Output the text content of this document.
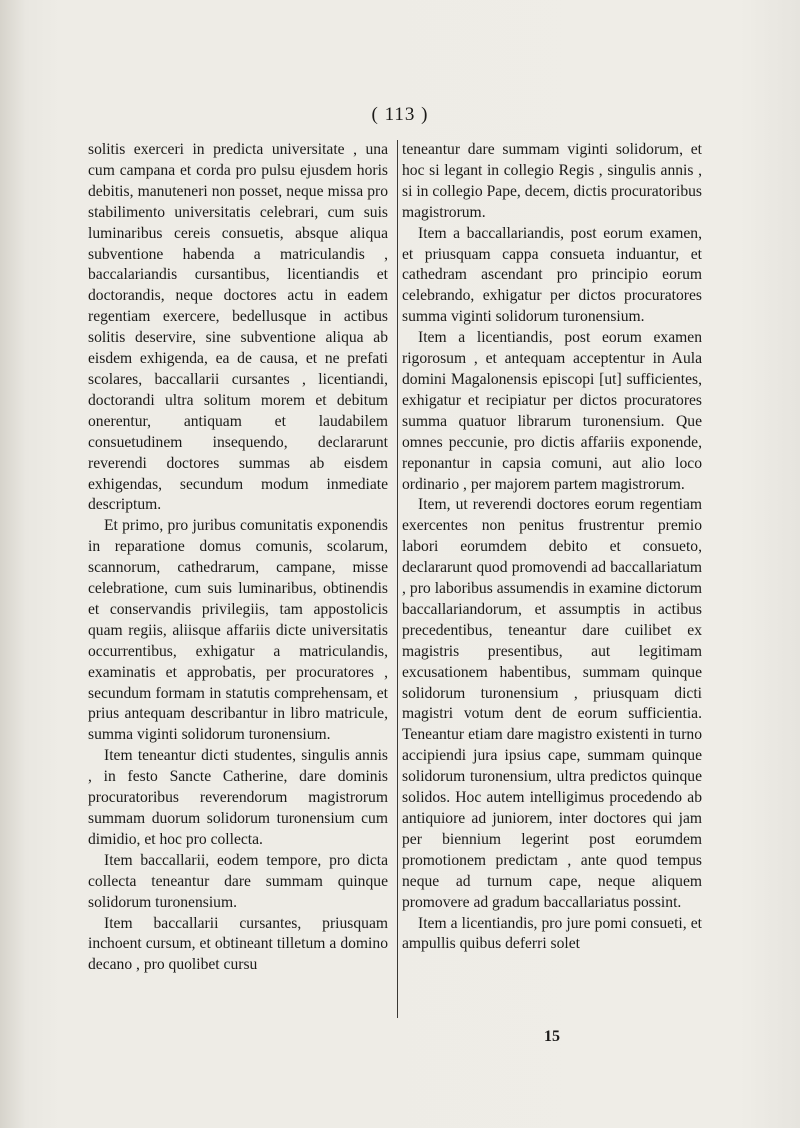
( 113 )

solitis exerceri in predicta universitate , una cum campana et corda pro pulsu ejusdem horis debitis, manuteneri non posset, neque missa pro stabilimento universitatis celebrari, cum suis luminaribus cereis consuetis, absque aliqua subventione habenda a matriculandis , baccalariandis cursantibus, licentiandis et doctorandis, neque doctores actu in eadem regentiam exercere, bedellusque in actibus solitis deservire, sine subventione aliqua ab eisdem exhigenda, ea de causa, et ne prefati scolares, baccallarii cursantes , licentiandi, doctorandi ultra solitum morem et debitum onerentur, antiquam et laudabilem consuetudinem insequendo, declararunt reverendi doctores summas ab eisdem exhigendas, secundum modum inmediate descriptum.

Et primo, pro juribus comunitatis exponendis in reparatione domus comunis, scolarum, scannorum, cathedrarum, campane, misse celebratione, cum suis luminaribus, obtinendis et conservandis privilegiis, tam appostolicis quam regiis, aliisque affariis dicte universitatis occurrentibus, exhigatur a matriculandis, examinatis et approbatis, per procuratores , secundum formam in statutis comprehensam, et prius antequam describantur in libro matricule, summa viginti solidorum turonensium.

Item teneantur dicti studentes, singulis annis , in festo Sancte Catherine, dare dominis procuratoribus reverendorum magistrorum summam duorum solidorum turonensium cum dimidio, et hoc pro collecta.

Item baccallarii, eodem tempore, pro dicta collecta teneantur dare summam quinque solidorum turonensium.

Item baccallarii cursantes, priusquam inchoent cursum, et obtineant tilletum a domino decano , pro quolibet cursu

teneantur dare summam viginti solidorum, et hoc si legant in collegio Regis , singulis annis , si in collegio Pape, decem, dictis procuratoribus magistrorum.

Item a baccallariandis, post eorum examen, et priusquam cappa consueta induantur, et cathedram ascendant pro principio eorum celebrando, exhigatur per dictos procuratores summa viginti solidorum turonensium.

Item a licentiandis, post eorum examen rigorosum , et antequam acceptentur in Aula domini Magalonensis episcopi [ut] sufficientes, exhigatur et recipiatur per dictos procuratores summa quatuor librarum turonensium. Que omnes peccunie, pro dictis affariis exponende, reponantur in capsia comuni, aut alio loco ordinario , per majorem partem magistrorum.

Item, ut reverendi doctores eorum regentiam exercentes non penitus frustrentur premio labori eorumdem debito et consueto, declararunt quod promovendi ad baccallariatum , pro laboribus assumendis in examine dictorum baccallariandorum, et assumptis in actibus precedentibus, teneantur dare cuilibet ex magistris presentibus, aut legitimam excusationem habentibus, summam quinque solidorum turonensium , priusquam dicti magistri votum dent de eorum sufficientia. Teneantur etiam dare magistro existenti in turno accipiendi jura ipsius cape, summam quinque solidorum turonensium, ultra predictos quinque solidos. Hoc autem intelligimus procedendo ab antiquiore ad juniorem, inter doctores qui jam per biennium legerint post eorumdem promotionem predictam , ante quod tempus neque ad turnum cape, neque aliquem promovere ad gradum baccallariatus possint.

Item a licentiandis, pro jure pomi consueti, et ampullis quibus deferri solet

15
